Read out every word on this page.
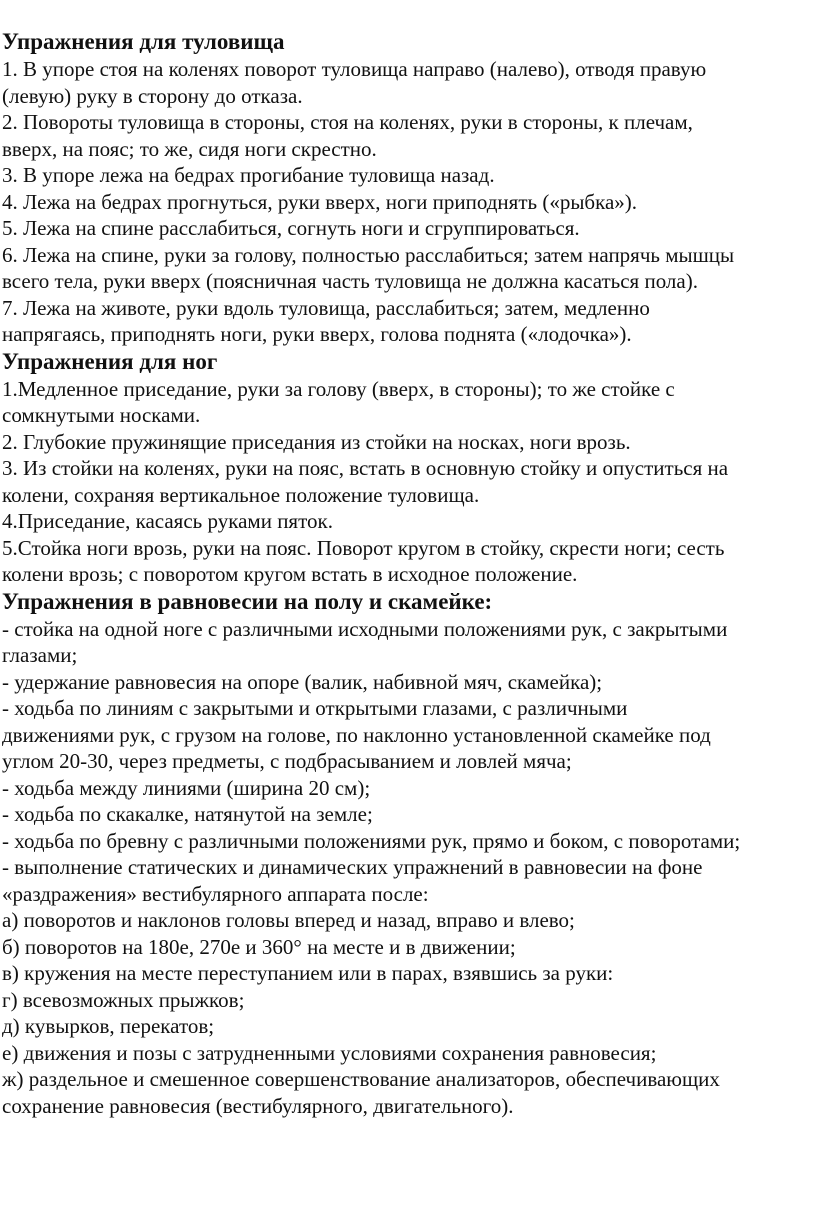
Упражнения для туловища
1. В упоре стоя на коленях поворот туловища направо (налево), отводя правую
(левую) руку в сторону до отказа.
2. Повороты туловища в стороны, стоя на коленях, руки в стороны, к плечам,
вверх, на пояс; то же, сидя ноги скрестно.
3. В упоре лежа на бедрах прогибание туловища назад.
4. Лежа на бедрах прогнуться, руки вверх, ноги приподнять («рыбка»).
5. Лежа на спине расслабиться, согнуть ноги и сгруппироваться.
6. Лежа на спине, руки за голову, полностью расслабиться; затем напрячь мышцы
всего тела, руки вверх (поясничная часть туловища не должна касаться пола).
7. Лежа на животе, руки вдоль туловища, расслабиться; затем, медленно
напрягаясь, приподнять ноги, руки вверх, голова поднята («лодочка»).
Упражнения для ног
1.Медленное приседание, руки за голову (вверх, в стороны); то же стойке с
сомкнутыми носками.
2. Глубокие пружинящие приседания из стойки на носках, ноги врозь.
3. Из стойки на коленях, руки на пояс, встать в основную стойку и опуститься на
колени, сохраняя вертикальное положение туловища.
4.Приседание, касаясь руками пяток.
5.Стойка ноги врозь, руки на пояс. Поворот кругом в стойку, скрести ноги; сесть
колени врозь; с поворотом кругом встать в исходное положение.
Упражнения в равновесии на полу и скамейке:
- стойка на одной ноге с различными исходными положениями рук, с закрытыми
глазами;
- удержание равновесия на опоре (валик, набивной мяч, скамейка);
- ходьба по линиям с закрытыми и открытыми глазами, с различными
движениями рук, с грузом на голове, по наклонно установленной скамейке под
углом 20-30, через предметы, с подбрасыванием и ловлей мяча;
- ходьба между линиями (ширина 20 см);
- ходьба по скакалке, натянутой на земле;
- ходьба по бревну с различными положениями рук, прямо и боком, с поворотами;
- выполнение статических и динамических упражнений в равновесии на фоне
«раздражения» вестибулярного аппарата после:
а) поворотов и наклонов головы вперед и назад, вправо и влево;
б) поворотов на 180е, 270е и 360° на месте и в движении;
в) кружения на месте переступанием или в парах, взявшись за руки:
г) всевозможных прыжков;
д) кувырков, перекатов;
е) движения и позы с затрудненными условиями сохранения равновесия;
ж) раздельное и смешенное совершенствование анализаторов, обеспечивающих
сохранение равновесия (вестибулярного, двигательного).
